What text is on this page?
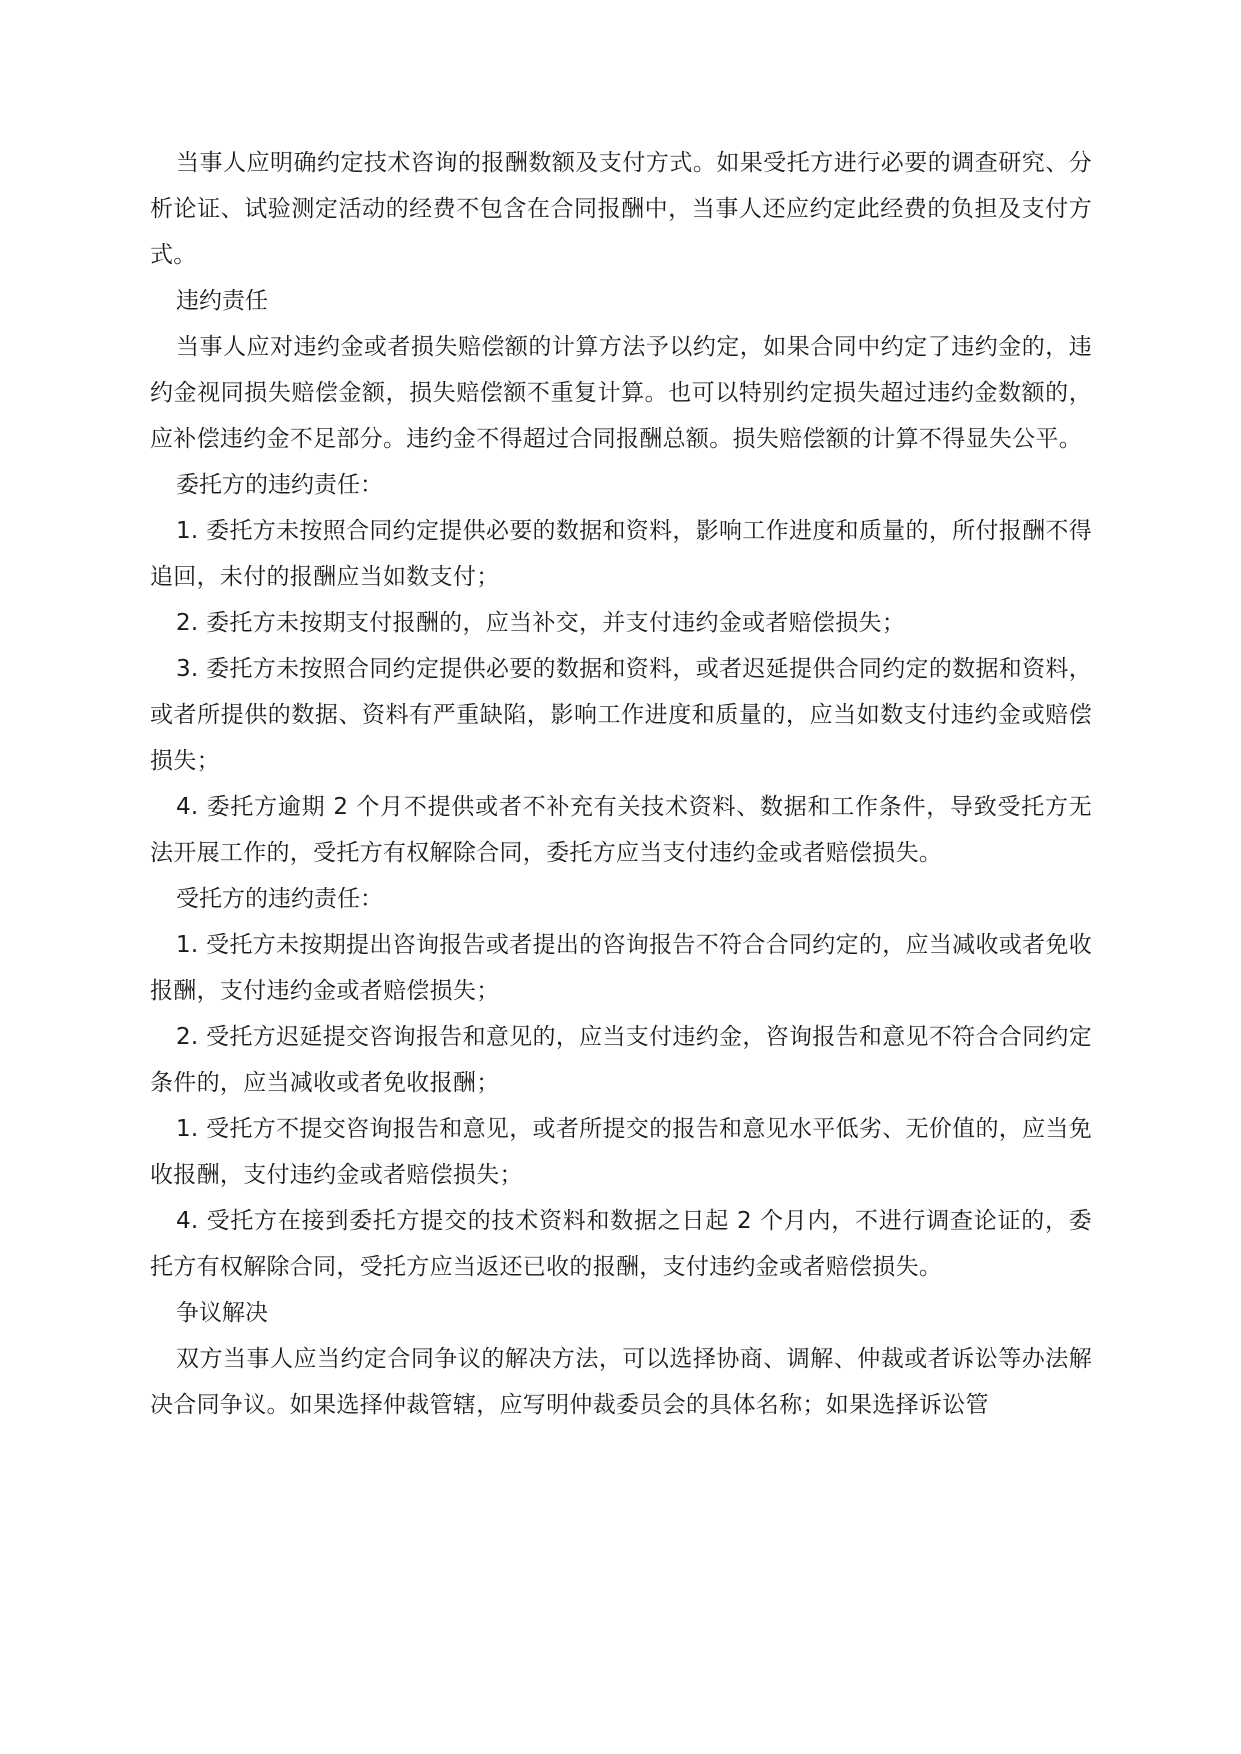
当事人应明确约定技术咨询的报酬数额及支付方式。如果受托方进行必要的调查研究、分析论证、试验测定活动的经费不包含在合同报酬中，当事人还应约定此经费的负担及支付方式。

违约责任

当事人应对违约金或者损失赔偿额的计算方法予以约定，如果合同中约定了违约金的，违约金视同损失赔偿金额，损失赔偿额不重复计算。也可以特别约定损失超过违约金数额的，应补偿违约金不足部分。违约金不得超过合同报酬总额。损失赔偿额的计算不得显失公平。

委托方的违约责任：

1. 委托方未按照合同约定提供必要的数据和资料，影响工作进度和质量的，所付报酬不得追回，未付的报酬应当如数支付；

2. 委托方未按期支付报酬的，应当补交，并支付违约金或者赔偿损失；

3. 委托方未按照合同约定提供必要的数据和资料，或者迟延提供合同约定的数据和资料，或者所提供的数据、资料有严重缺陷，影响工作进度和质量的，应当如数支付违约金或赔偿损失；

4. 委托方逾期 2 个月不提供或者不补充有关技术资料、数据和工作条件，导致受托方无法开展工作的，受托方有权解除合同，委托方应当支付违约金或者赔偿损失。

受托方的违约责任：

1. 受托方未按期提出咨询报告或者提出的咨询报告不符合合同约定的，应当减收或者免收报酬，支付违约金或者赔偿损失；

2. 受托方迟延提交咨询报告和意见的，应当支付违约金，咨询报告和意见不符合合同约定条件的，应当减收或者免收报酬；

1. 受托方不提交咨询报告和意见，或者所提交的报告和意见水平低劣、无价值的，应当免收报酬，支付违约金或者赔偿损失；

4. 受托方在接到委托方提交的技术资料和数据之日起 2 个月内，不进行调查论证的，委托方有权解除合同，受托方应当返还已收的报酬，支付违约金或者赔偿损失。

争议解决

双方当事人应当约定合同争议的解决方法，可以选择协商、调解、仲裁或者诉讼等办法解决合同争议。如果选择仲裁管辖，应写明仲裁委员会的具体名称；如果选择诉讼管
